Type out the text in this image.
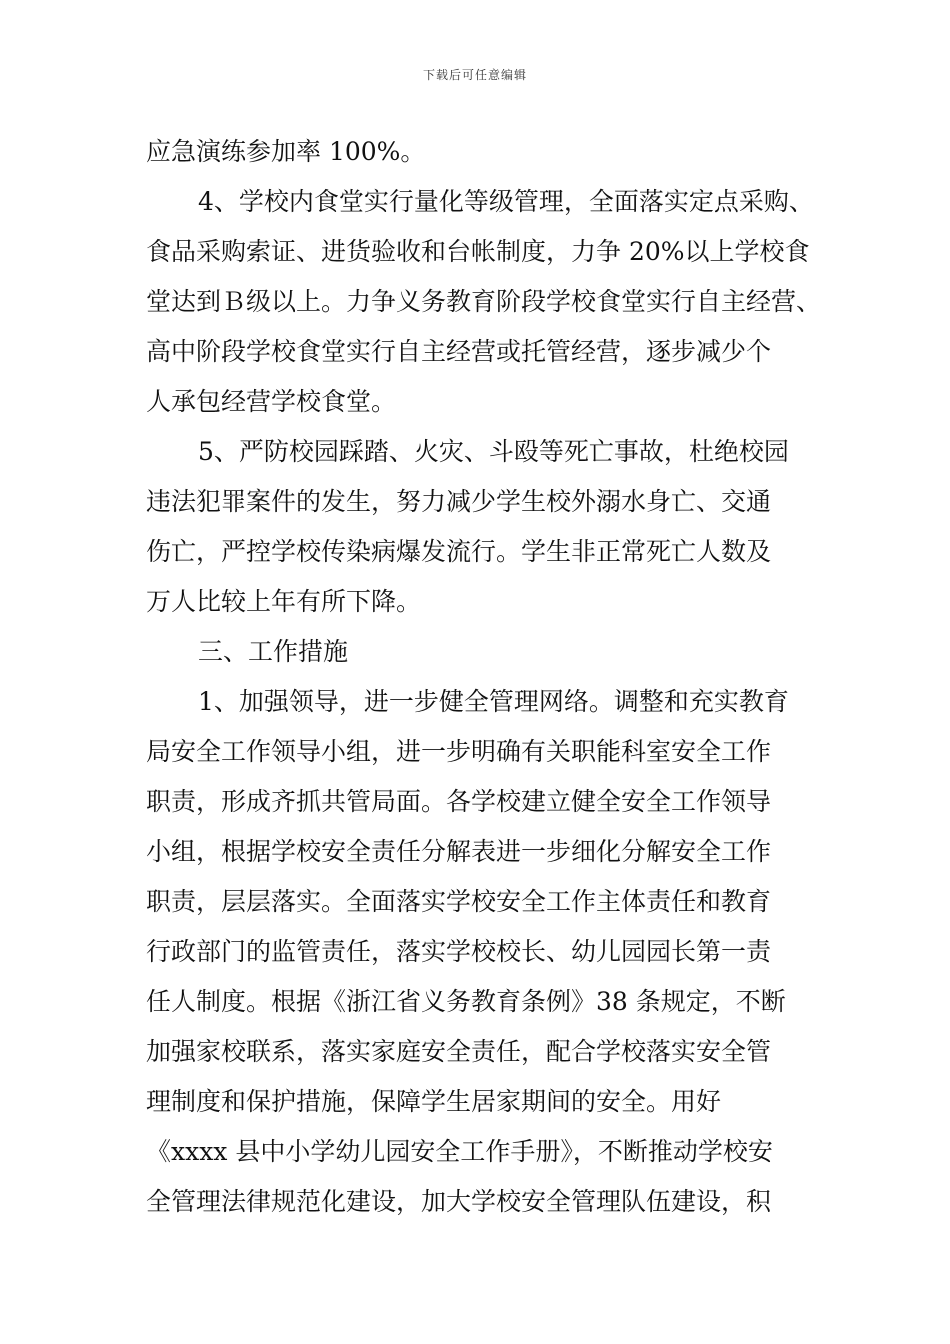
下载后可任意编辑
应急演练参加率 100%。
4、学校内食堂实行量化等级管理，全面落实定点采购、
食品采购索证、进货验收和台帐制度，力争 20%以上学校食
堂达到Ｂ级以上。力争义务教育阶段学校食堂实行自主经营、
高中阶段学校食堂实行自主经营或托管经营，逐步减少个
人承包经营学校食堂。
5、严防校园踩踏、火灾、斗殴等死亡事故，杜绝校园
违法犯罪案件的发生，努力减少学生校外溺水身亡、交通
伤亡，严控学校传染病爆发流行。学生非正常死亡人数及
万人比较上年有所下降。
三、工作措施
1、加强领导，进一步健全管理网络。调整和充实教育
局安全工作领导小组，进一步明确有关职能科室安全工作
职责，形成齐抓共管局面。各学校建立健全安全工作领导
小组，根据学校安全责任分解表进一步细化分解安全工作
职责，层层落实。全面落实学校安全工作主体责任和教育
行政部门的监管责任，落实学校校长、幼儿园园长第一责
任人制度。根据《浙江省义务教育条例》38 条规定，不断
加强家校联系，落实家庭安全责任，配合学校落实安全管
理制度和保护措施，保障学生居家期间的安全。用好
《xxxx 县中小学幼儿园安全工作手册》，不断推动学校安
全管理法律规范化建设，加大学校安全管理队伍建设，积
